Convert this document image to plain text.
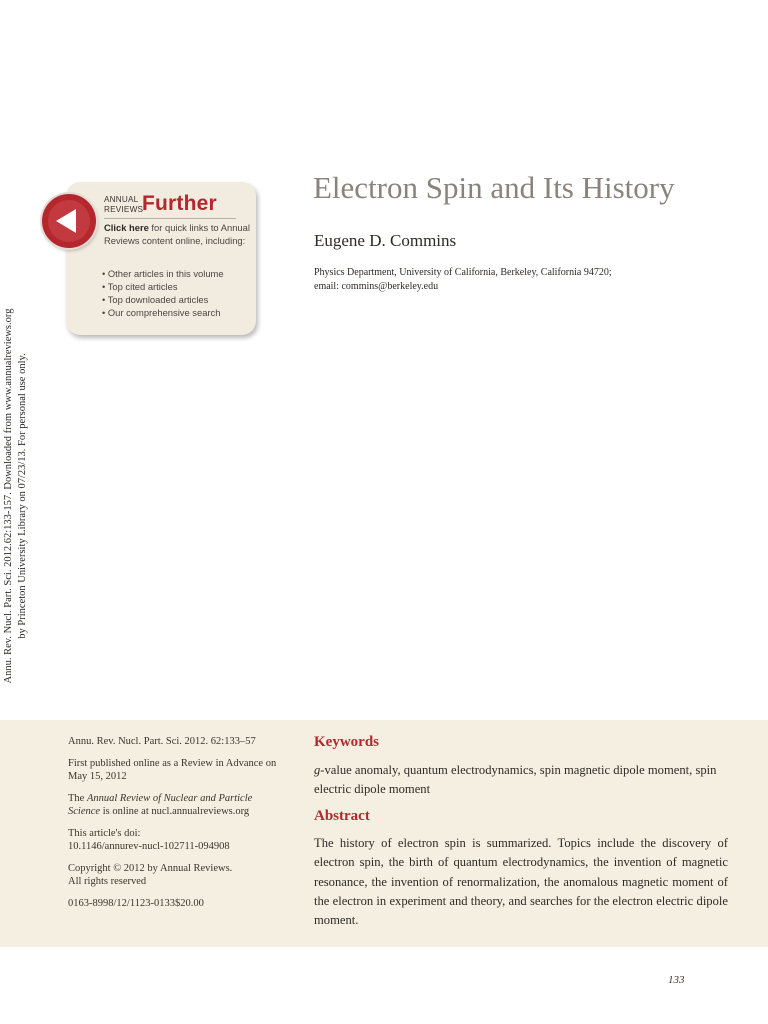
Annu. Rev. Nucl. Part. Sci. 2012.62:133-157. Downloaded from www.annualreviews.org by Princeton University Library on 07/23/13. For personal use only.
ANNUAL
REVIEWS
Further
Click here for quick links to Annual Reviews content online, including:
• Other articles in this volume
• Top cited articles
• Top downloaded articles
• Our comprehensive search
Electron Spin and Its History
Eugene D. Commins
Physics Department, University of California, Berkeley, California 94720;
email: commins@berkeley.edu

Annu. Rev. Nucl. Part. Sci. 2012. 62:133–57

First published online as a Review in Advance on May 15, 2012

The Annual Review of Nuclear and Particle Science is online at nucl.annualreviews.org

This article's doi:
10.1146/annurev-nucl-102711-094908

Copyright © 2012 by Annual Reviews.
All rights reserved

0163-8998/12/1123-0133$20.00

Keywords
g-value anomaly, quantum electrodynamics, spin magnetic dipole moment, spin electric dipole moment
Abstract
The history of electron spin is summarized. Topics include the discovery of electron spin, the birth of quantum electrodynamics, the invention of magnetic resonance, the invention of renormalization, the anomalous magnetic moment of the electron in experiment and theory, and searches for the electron electric dipole moment.
133
